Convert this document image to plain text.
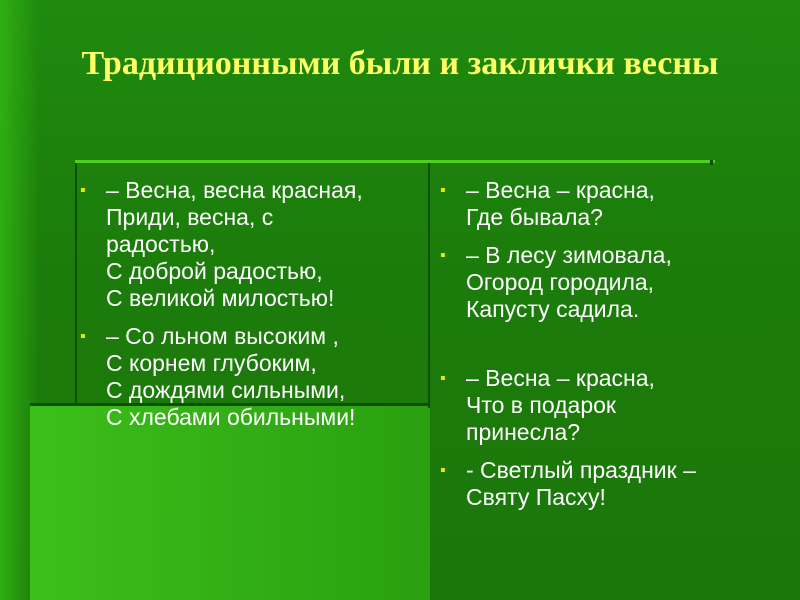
Традиционными были и заклички весны
▪ – Весна, весна красная,
Приди, весна, с
радостью,
С доброй радостью,
С великой милостью!
▪ – Со льном высоким ,
С корнем глубоким,
С дождями сильными,
С хлебами обильными!
▪ – Весна – красна,
Где бывала?
▪ – В лесу зимовала,
Огород городила,
Капусту садила.
▪ – Весна – красна,
Что в подарок
принесла?
▪ - Светлый праздник –
Святу Пасху!
